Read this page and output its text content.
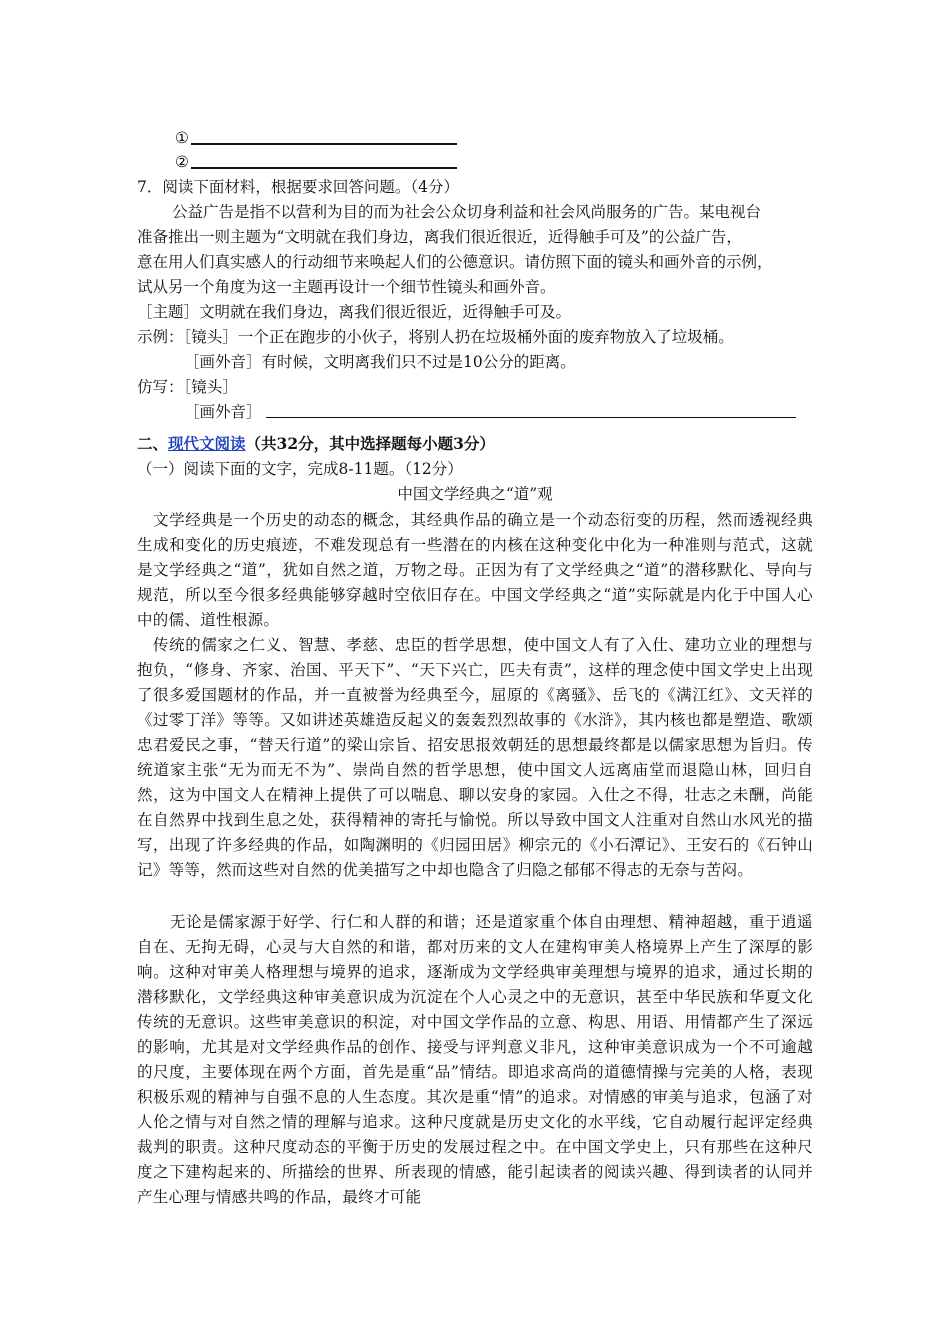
①
②
7．阅读下面材料，根据要求回答问题。（4分）
公益广告是指不以营利为目的而为社会公众切身利益和社会风尚服务的广告。某电视台
准备推出一则主题为“文明就在我们身边，离我们很近很近，近得触手可及”的公益广告，
意在用人们真实感人的行动细节来唤起人们的公德意识。请仿照下面的镜头和画外音的示例，
试从另一个角度为这一主题再设计一个细节性镜头和画外音。
［主题］文明就在我们身边，离我们很近很近，近得触手可及。
示例：［镜头］一个正在跑步的小伙子，将别人扔在垃圾桶外面的废弃物放入了垃圾桶。
［画外音］有时候，文明离我们只不过是10公分的距离。
仿写：［镜头］
［画外音］
二、现代文阅读（共32分，其中选择题每小题3分）
（一）阅读下面的文字，完成8-11题。（12分）
中国文学经典之“道”观
文学经典是一个历史的动态的概念，其经典作品的确立是一个动态衍变的历程，然而透视经典生成和变化的历史痕迹，不难发现总有一些潜在的内核在这种变化中化为一种准则与范式，这就是文学经典之“道”，犹如自然之道，万物之母。正因为有了文学经典之“道”的潜移默化、导向与规范，所以至今很多经典能够穿越时空依旧存在。中国文学经典之“道”实际就是内化于中国人心中的儒、道性根源。
传统的儒家之仁义、智慧、孝慈、忠臣的哲学思想，使中国文人有了入仕、建功立业的理想与抱负，“修身、齐家、治国、平天下”、“天下兴亡，匹夫有责”，这样的理念使中国文学史上出现了很多爱国题材的作品，并一直被誉为经典至今，屈原的《离骚》、岳飞的《满江红》、文天祥的《过零丁洋》等等。又如讲述英雄造反起义的轰轰烈烈故事的《水浒》，其内核也都是塑造、歌颂忠君爱民之事，“替天行道”的梁山宗旨、招安思报效朝廷的思想最终都是以儒家思想为旨归。传统道家主张“无为而无不为”、崇尚自然的哲学思想，使中国文人远离庙堂而退隐山林，回归自然，这为中国文人在精神上提供了可以喘息、聊以安身的家园。入仕之不得，壮志之未酬，尚能在自然界中找到生息之处，获得精神的寄托与愉悦。所以导致中国文人注重对自然山水风光的描写，出现了许多经典的作品，如陶渊明的《归园田居》柳宗元的《小石潭记》、王安石的《石钟山记》等等，然而这些对自然的优美描写之中却也隐含了归隐之郁郁不得志的无奈与苦闷。
无论是儒家源于好学、行仁和人群的和谐；还是道家重个体自由理想、精神超越，重于逍遥自在、无拘无碍，心灵与大自然的和谐，都对历来的文人在建构审美人格境界上产生了深厚的影响。这种对审美人格理想与境界的追求，逐渐成为文学经典审美理想与境界的追求，通过长期的潜移默化，文学经典这种审美意识成为沉淀在个人心灵之中的无意识，甚至中华民族和华夏文化传统的无意识。这些审美意识的积淀，对中国文学作品的立意、构思、用语、用情都产生了深远的影响，尤其是对文学经典作品的创作、接受与评判意义非凡，这种审美意识成为一个不可逾越的尺度，主要体现在两个方面，首先是重“品”情结。即追求高尚的道德情操与完美的人格，表现积极乐观的精神与自强不息的人生态度。其次是重“情”的追求。对情感的审美与追求，包涵了对人伦之情与对自然之情的理解与追求。这种尺度就是历史文化的水平线，它自动履行起评定经典裁判的职责。这种尺度动态的平衡于历史的发展过程之中。在中国文学史上，只有那些在这种尺度之下建构起来的、所描绘的世界、所表现的情感，能引起读者的阅读兴趣、得到读者的认同并产生心理与情感共鸣的作品，最终才可能
